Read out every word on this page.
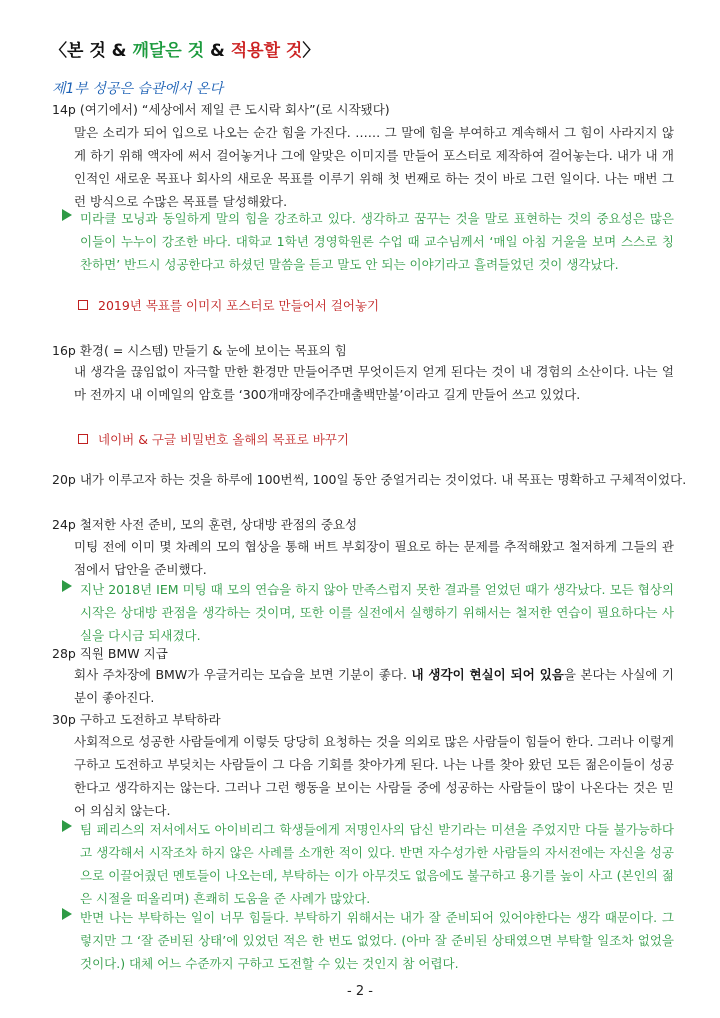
〈본 것 & 깨달은 것 & 적용할 것〉
제1부 성공은 습관에서 온다
14p (여기에서) “세상에서 제일 큰 도시락 회사”(로 시작됐다)
말은 소리가 되어 입으로 나오는 순간 힘을 가진다. …… 그 말에 힘을 부여하고 계속해서 그 힘이 사라지지 않게 하기 위해 액자에 써서 걸어놓거나 그에 알맞은 이미지를 만들어 포스터로 제작하여 걸어놓는다. 내가 내 개인적인 새로운 목표나 회사의 새로운 목표를 이루기 위해 첫 번째로 하는 것이 바로 그런 일이다. 나는 매번 그런 방식으로 수많은 목표를 달성해왔다.
미라클 모닝과 동일하게 말의 힘을 강조하고 있다. 생각하고 꿈꾸는 것을 말로 표현하는 것의 중요성은 많은 이들이 누누이 강조한 바다. 대학교 1학년 경영학원론 수업 때 교수님께서 ‘매일 아침 거울을 보며 스스로 칭찬하면’ 반드시 성공한다고 하셨던 말씀을 듣고 말도 안 되는 이야기라고 흘려들었던 것이 생각났다.
2019년 목표를 이미지 포스터로 만들어서 걸어놓기
16p 환경( = 시스템) 만들기 & 눈에 보이는 목표의 힘
내 생각을 끊임없이 자극할 만한 환경만 만들어주면 무엇이든지 얻게 된다는 것이 내 경험의 소산이다. 나는 얼마 전까지 내 이메일의 암호를 ‘300개매장에주간매출백만불’이라고 길게 만들어 쓰고 있었다.
네이버 & 구글 비밀번호 올해의 목표로 바꾸기
20p 내가 이루고자 하는 것을 하루에 100번씩, 100일 동안 중얼거리는 것이었다. 내 목표는 명확하고 구체적이었다.
24p 철저한 사전 준비, 모의 훈련, 상대방 관점의 중요성
미팅 전에 이미 몇 차례의 모의 협상을 통해 버트 부회장이 필요로 하는 문제를 추적해왔고 철저하게 그들의 관점에서 답안을 준비했다.
지난 2018년 IEM 미팅 때 모의 연습을 하지 않아 만족스럽지 못한 결과를 얻었던 때가 생각났다. 모든 협상의 시작은 상대방 관점을 생각하는 것이며, 또한 이를 실전에서 실행하기 위해서는 철저한 연습이 필요하다는 사실을 다시금 되새겼다.
28p 직원 BMW 지급
회사 주차장에 BMW가 우글거리는 모습을 보면 기분이 좋다. 내 생각이 현실이 되어 있음을 본다는 사실에 기분이 좋아진다.
30p 구하고 도전하고 부탁하라
사회적으로 성공한 사람들에게 이렇듯 당당히 요청하는 것을 의외로 많은 사람들이 힘들어 한다. 그러나 이렇게 구하고 도전하고 부딪치는 사람들이 그 다음 기회를 찾아가게 된다. 나는 나를 찾아 왔던 모든 젊은이들이 성공한다고 생각하지는 않는다. 그러나 그런 행동을 보이는 사람들 중에 성공하는 사람들이 많이 나온다는 것은 믿어 의심치 않는다.
팀 페리스의 저서에서도 아이비리그 학생들에게 저명인사의 답신 받기라는 미션을 주었지만 다들 불가능하다고 생각해서 시작조차 하지 않은 사례를 소개한 적이 있다. 반면 자수성가한 사람들의 자서전에는 자신을 성공으로 이끌어줬던 멘토들이 나오는데, 부탁하는 이가 아무것도 없음에도 불구하고 용기를 높이 사고 (본인의 젊은 시절을 떠올리며) 흔쾌히 도움을 준 사례가 많았다.
반면 나는 부탁하는 일이 너무 힘들다. 부탁하기 위해서는 내가 잘 준비되어 있어야한다는 생각 때문이다. 그렇지만 그 ‘잘 준비된 상태’에 있었던 적은 한 번도 없었다. (아마 잘 준비된 상태였으면 부탁할 일조차 없었을 것이다.) 대체 어느 수준까지 구하고 도전할 수 있는 것인지 참 어렵다.
- 2 -
